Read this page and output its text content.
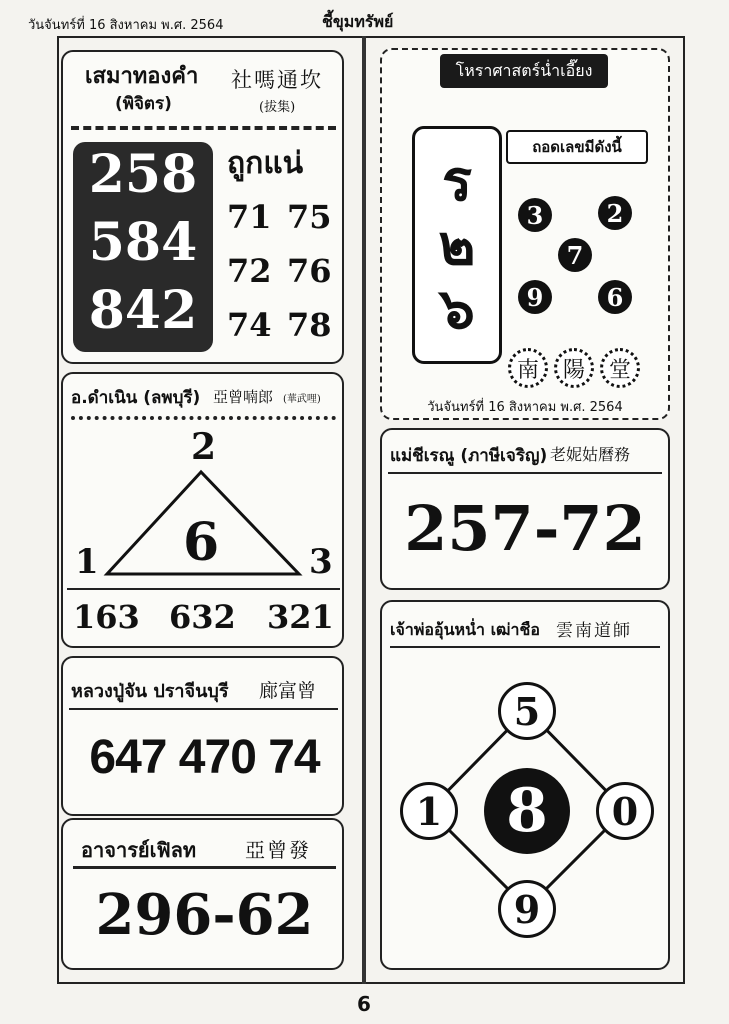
วันจันทร์ที่ 16 สิงหาคม พ.ศ. 2564	ชี้ขุมทรัพย์
เสมาทองคำ
(พิจิตร)
社嗎通坎
(拔集)
258
584
842
ถูกแน่
71 75
72 76
74 78
อ.ดำเนิน (ลพบุรี) 亞曾喃郎 (華武哩)
2
6
1	3
163 632 321
หลวงปู่จัน ปราจีนบุรี 廊富曾
647 470 74
อาจารย์เฟิลท 亞曾發
296-62
โหราศาสตร์น่ำเอี๊ยง
ร๒๖
ถอดเลขมีดังนี้
3	2
7
9	6
南	陽	堂
วันจันทร์ที่ 16 สิงหาคม พ.ศ. 2564
แม่ชีเรณู (ภาษีเจริญ) 老妮姑曆務
257-72
เจ้าพ่ออุ้นหน่ำ เฒ่าชือ 雲南道師
5
1	0
9
8
6
